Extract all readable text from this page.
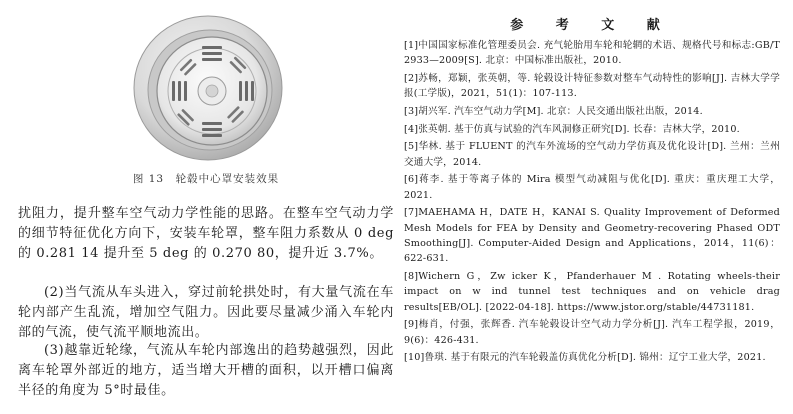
图 13　轮毂中心罩安装效果

扰阻力，提升整车空气动力学性能的思路。在整车空气动力学的细节特征优化方向下，安装车轮罩，整车阻力系数从 0 deg 的 0.281 14 提升至 5 deg 的 0.270 80，提升近 3.7%。

(2)当气流从车头进入，穿过前轮拱处时，有大量气流在车轮内部产生乱流，增加空气阻力。因此要尽量减少涌入车轮内部的气流，使气流平顺地流出。

(3)越靠近轮缘，气流从车轮内部逸出的趋势越强烈，因此离车轮罩外部近的地方，适当增大开槽的面积，以开槽口偏离半径的角度为 5°时最佳。

参 考 文 献
[1]中国国家标准化管理委员会. 充气轮胎用车轮和轮辋的术语、规格代号和标志:GB/T 2933—2009[S]. 北京：中国标准出版社，2010.
[2]苏畅，郑颖，张英朝，等. 轮毂设计特征参数对整车气动特性的影响[J]. 吉林大学学报(工学版)，2021，51(1)：107-113.
[3]胡兴军. 汽车空气动力学[M]. 北京：人民交通出版社出版，2014.
[4]张英朝. 基于仿真与试验的汽车风洞修正研究[D]. 长春：吉林大学，2010.
[5]华林. 基于 FLUENT 的汽车外流场的空气动力学仿真及优化设计[D]. 兰州：兰州交通大学，2014.
[6]蒋李. 基于等离子体的 Mira 模型气动减阻与优化[D]. 重庆：重庆理工大学，2021.
[7]MAEHAMA H，DATE H，KANAI S. Quality Improvement of Deformed Mesh Models for FEA by Density and Geometry-recovering Phased ODT Smoothing[J]. Computer-Aided Design and Applications，2014，11(6)：622-631.
[8]Wichern G，Zw icker K，Pfanderhauer M . Rotating wheels-their impact on w ind tunnel test techniques and on vehicle drag results[EB/OL]. [2022-04-18]. https://www.jstor.org/stable/44731181.
[9]梅肖，付强，张辉香. 汽车轮毂设计空气动力学分析[J]. 汽车工程学报，2019，9(6)：426-431.
[10]鲁琪. 基于有限元的汽车轮毂盖仿真优化分析[D]. 锦州：辽宁工业大学，2021.
